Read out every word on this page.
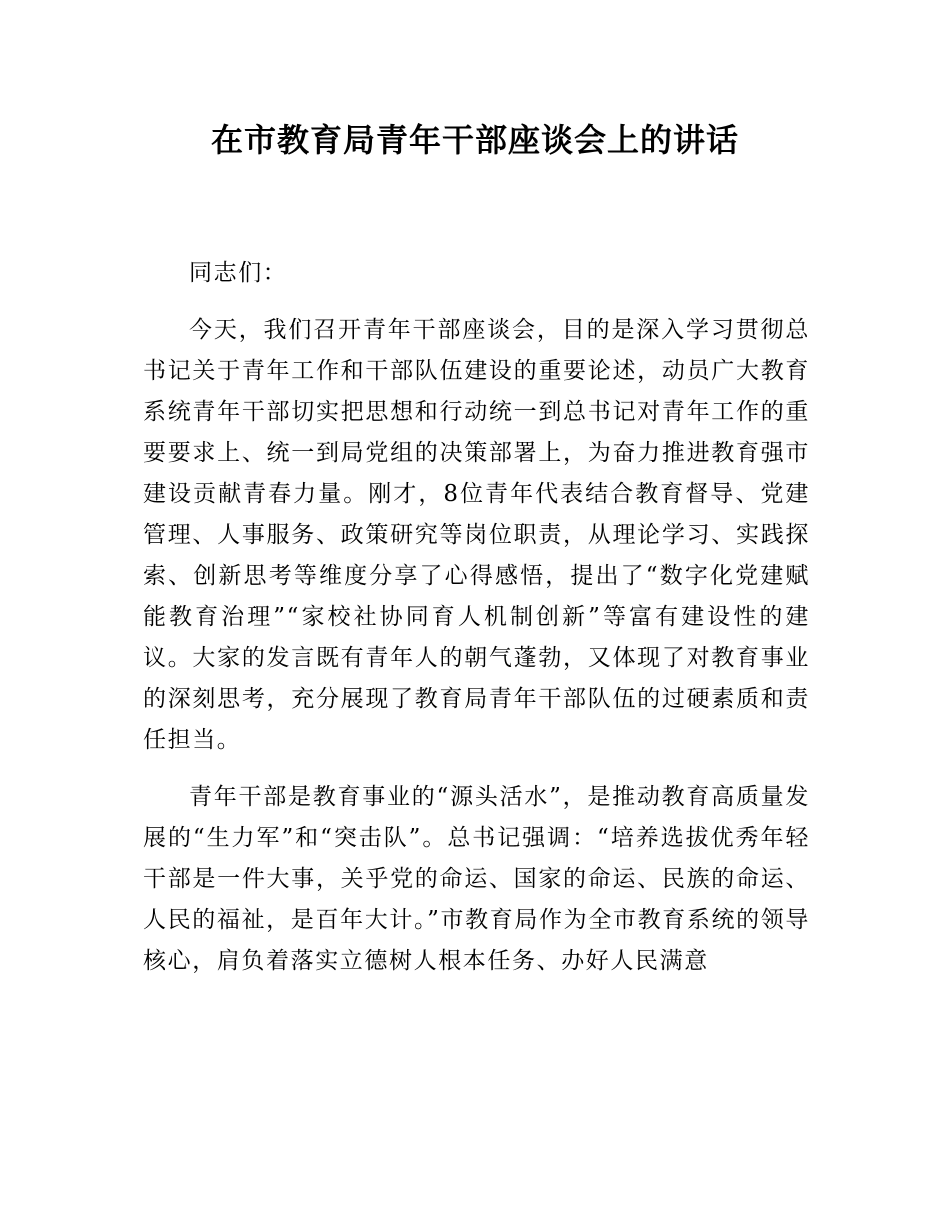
在市教育局青年干部座谈会上的讲话

同志们：

今天，我们召开青年干部座谈会，目的是深入学习贯彻总书记关于青年工作和干部队伍建设的重要论述，动员广大教育系统青年干部切实把思想和行动统一到总书记对青年工作的重要要求上、统一到局党组的决策部署上，为奋力推进教育强市建设贡献青春力量。刚才，8位青年代表结合教育督导、党建管理、人事服务、政策研究等岗位职责，从理论学习、实践探索、创新思考等维度分享了心得感悟，提出了“数字化党建赋能教育治理”“家校社协同育人机制创新”等富有建设性的建议。大家的发言既有青年人的朝气蓬勃，又体现了对教育事业的深刻思考，充分展现了教育局青年干部队伍的过硬素质和责任担当。

青年干部是教育事业的“源头活水”，是推动教育高质量发展的“生力军”和“突击队”。总书记强调：“培养选拔优秀年轻干部是一件大事，关乎党的命运、国家的命运、民族的命运、人民的福祉，是百年大计。”市教育局作为全市教育系统的领导核心，肩负着落实立德树人根本任务、办好人民满意
